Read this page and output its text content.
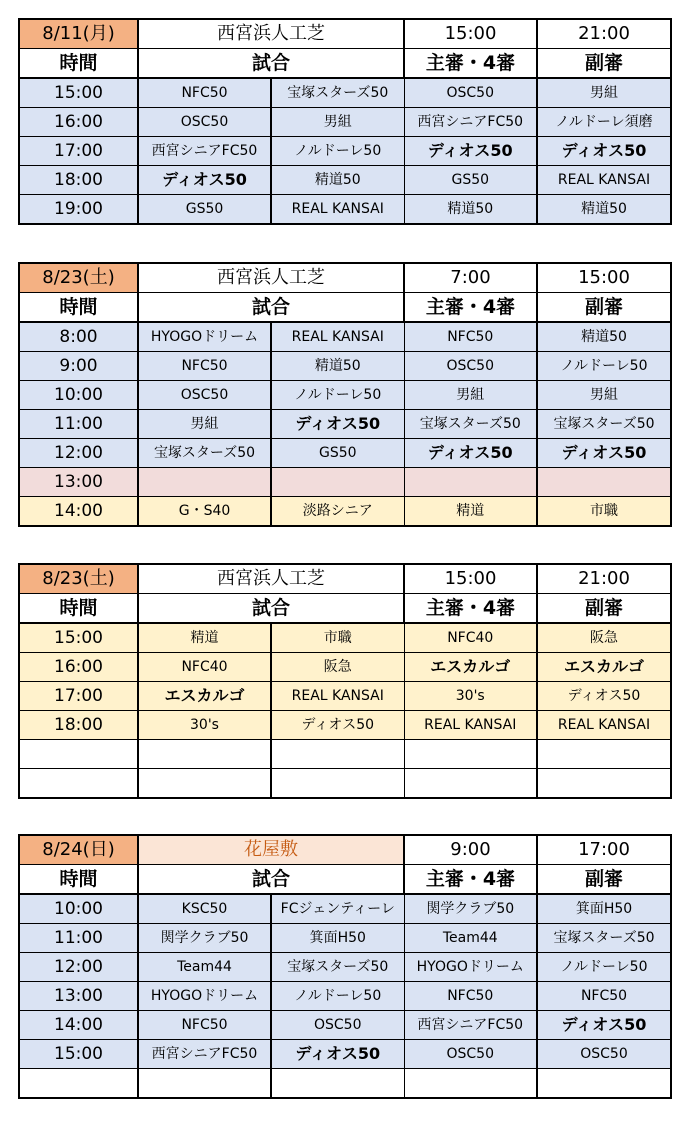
8/11(月)	西宮浜人工芝		15:00	21:00
時間	試合		主審・4審	副審
15:00	NFC50	宝塚スターズ50	OSC50	男組
16:00	OSC50	男組	西宮シニアFC50	ノルドーレ須磨
17:00	西宮シニアFC50	ノルドーレ50	ディオス50	ディオス50
18:00	ディオス50	精道50	GS50	REAL KANSAI
19:00	GS50	REAL KANSAI	精道50	精道50
8/23(土)	西宮浜人工芝		7:00	15:00
時間	試合		主審・4審	副審
8:00	HYOGOドリーム	REAL KANSAI	NFC50	精道50
9:00	NFC50	精道50	OSC50	ノルドーレ50
10:00	OSC50	ノルドーレ50	男組	男組
11:00	男組	ディオス50	宝塚スターズ50	宝塚スターズ50
12:00	宝塚スターズ50	GS50	ディオス50	ディオス50
13:00				
14:00	G・S40	淡路シニア	精道	市職
8/23(土)	西宮浜人工芝		15:00	21:00
時間	試合		主審・4審	副審
15:00	精道	市職	NFC40	阪急
16:00	NFC40	阪急	エスカルゴ	エスカルゴ
17:00	エスカルゴ	REAL KANSAI	30's	ディオス50
18:00	30's	ディオス50	REAL KANSAI	REAL KANSAI

8/24(日)	花屋敷		9:00	17:00
時間	試合		主審・4審	副審
10:00	KSC50	FCジェンティーレ	関学クラブ50	箕面H50
11:00	関学クラブ50	箕面H50	Team44	宝塚スターズ50
12:00	Team44	宝塚スターズ50	HYOGOドリーム	ノルドーレ50
13:00	HYOGOドリーム	ノルドーレ50	NFC50	NFC50
14:00	NFC50	OSC50	西宮シニアFC50	ディオス50
15:00	西宮シニアFC50	ディオス50	OSC50	OSC50
